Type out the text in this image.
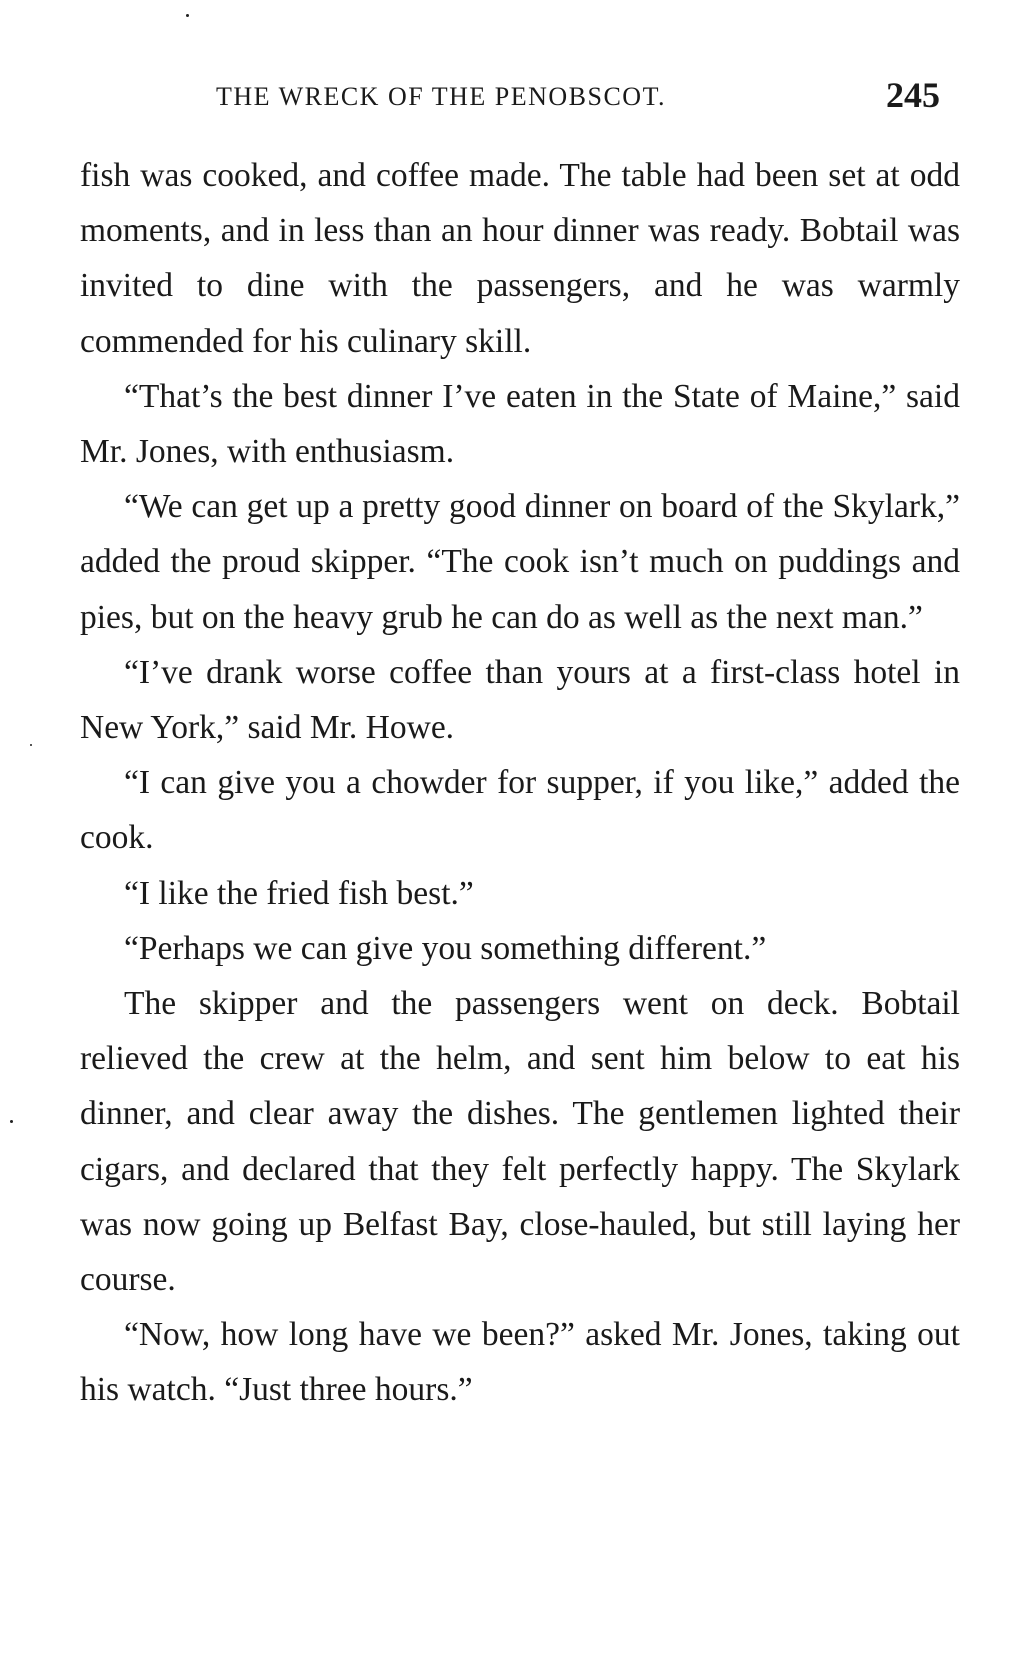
THE WRECK OF THE PENOBSCOT.	245

fish was cooked, and coffee made. The table had been set at odd moments, and in less than an hour dinner was ready. Bobtail was invited to dine with the passengers, and he was warmly commended for his culinary skill.

“That’s the best dinner I’ve eaten in the State of Maine,” said Mr. Jones, with enthusiasm.

“We can get up a pretty good dinner on board of the Skylark,” added the proud skipper. “The cook isn’t much on puddings and pies, but on the heavy grub he can do as well as the next man.”

“I’ve drank worse coffee than yours at a first-class hotel in New York,” said Mr. Howe.

“I can give you a chowder for supper, if you like,” added the cook.

“I like the fried fish best.”

“Perhaps we can give you something different.”

The skipper and the passengers went on deck. Bobtail relieved the crew at the helm, and sent him below to eat his dinner, and clear away the dishes. The gentlemen lighted their cigars, and declared that they felt perfectly happy. The Skylark was now going up Belfast Bay, close-hauled, but still laying her course.

“Now, how long have we been?” asked Mr. Jones, taking out his watch. “Just three hours.”
